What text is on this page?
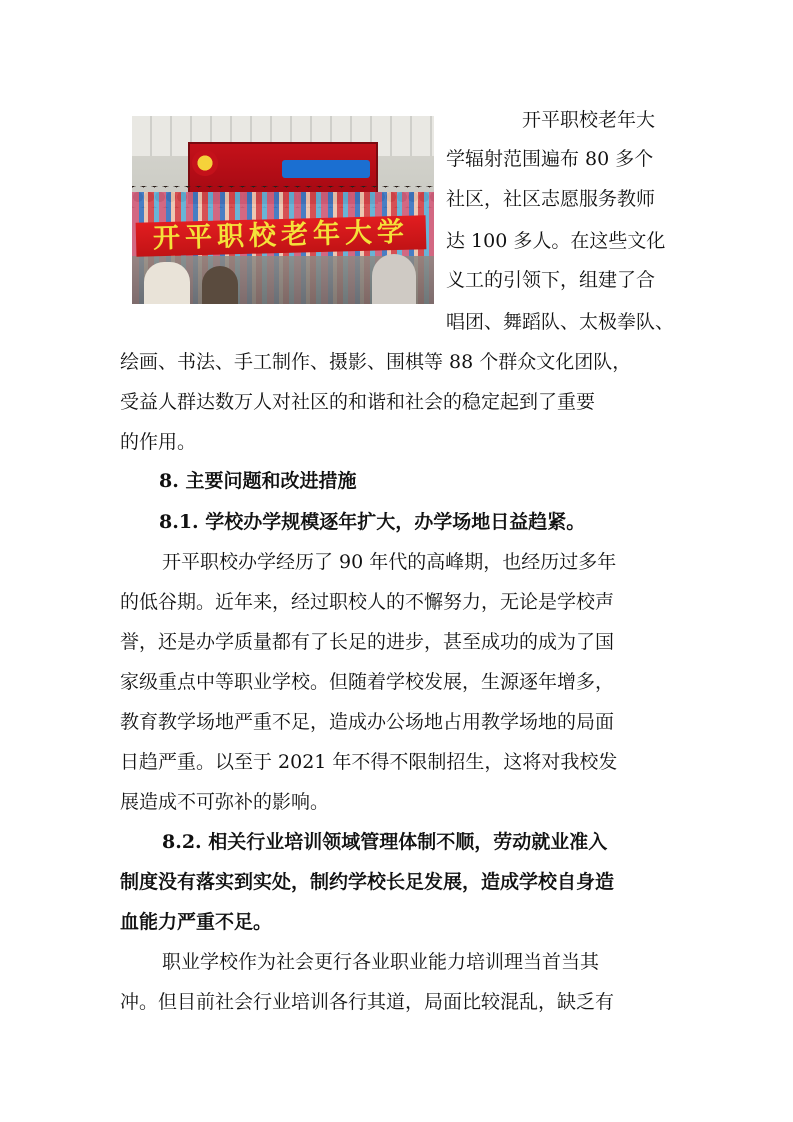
开平职校老年大学
开平职校老年大
学辐射范围遍布 80 多个
社区，社区志愿服务教师
达 100 多人。在这些文化
义工的引领下，组建了合
唱团、舞蹈队、太极拳队、
绘画、书法、手工制作、摄影、围棋等 88 个群众文化团队，
受益人群达数万人对社区的和谐和社会的稳定起到了重要
的作用。
8. 主要问题和改进措施
8.1. 学校办学规模逐年扩大，办学场地日益趋紧。
开平职校办学经历了 90 年代的高峰期，也经历过多年
的低谷期。近年来，经过职校人的不懈努力，无论是学校声
誉，还是办学质量都有了长足的进步，甚至成功的成为了国
家级重点中等职业学校。但随着学校发展，生源逐年增多，
教育教学场地严重不足，造成办公场地占用教学场地的局面
日趋严重。以至于 2021 年不得不限制招生，这将对我校发
展造成不可弥补的影响。
8.2. 相关行业培训领域管理体制不顺，劳动就业准入
制度没有落实到实处，制约学校长足发展，造成学校自身造
血能力严重不足。
职业学校作为社会更行各业职业能力培训理当首当其
冲。但目前社会行业培训各行其道，局面比较混乱，缺乏有
